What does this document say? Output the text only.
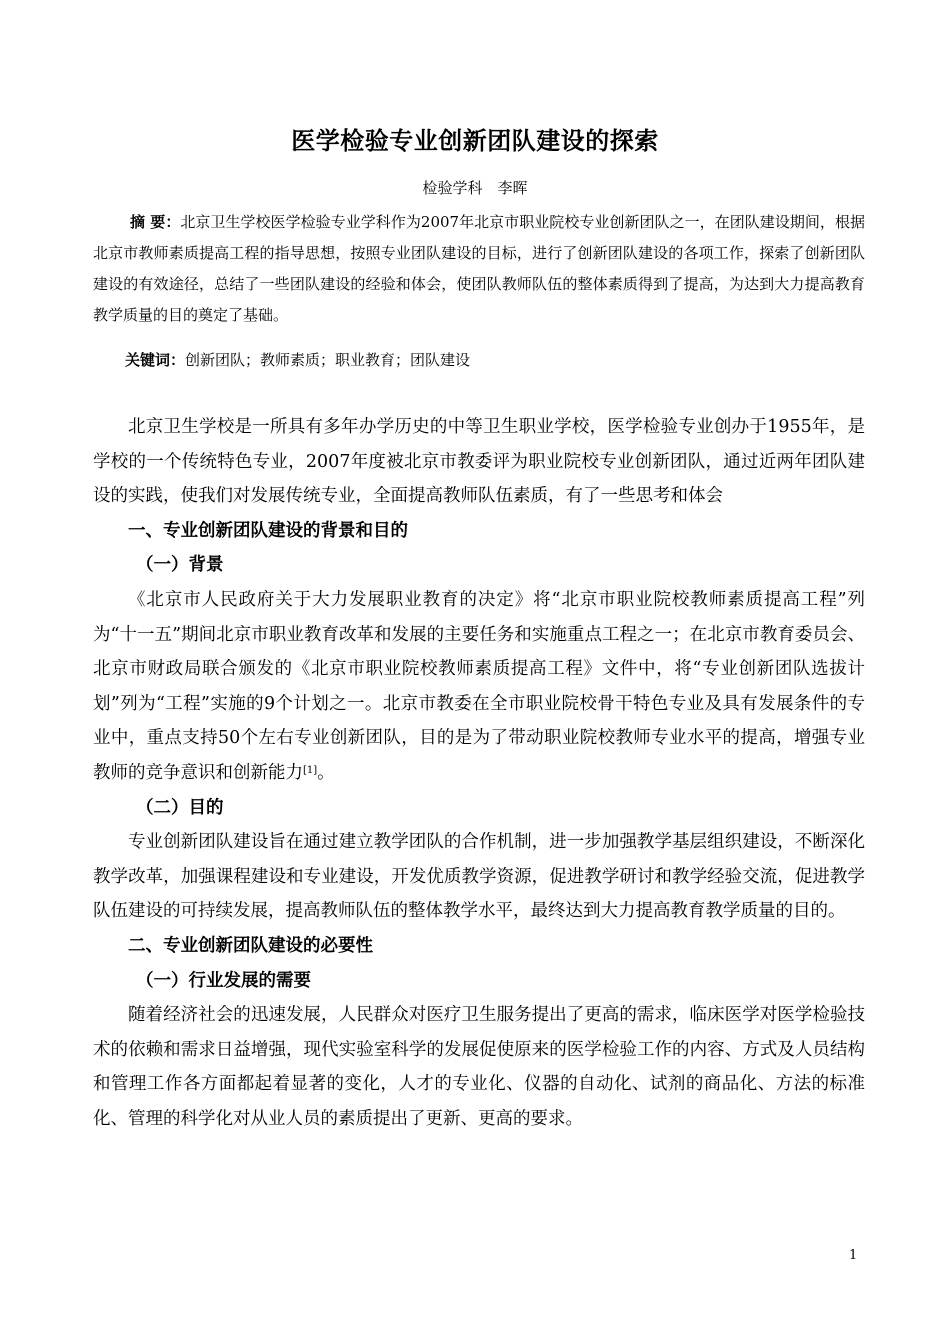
医学检验专业创新团队建设的探索
检验学科　李晖
摘 要：北京卫生学校医学检验专业学科作为2007年北京市职业院校专业创新团队之一，在团队建设期间，根据北京市教师素质提高工程的指导思想，按照专业团队建设的目标，进行了创新团队建设的各项工作，探索了创新团队建设的有效途径，总结了一些团队建设的经验和体会，使团队教师队伍的整体素质得到了提高，为达到大力提高教育教学质量的目的奠定了基础。
关键词：创新团队；教师素质；职业教育；团队建设

北京卫生学校是一所具有多年办学历史的中等卫生职业学校，医学检验专业创办于1955年，是学校的一个传统特色专业，2007年度被北京市教委评为职业院校专业创新团队，通过近两年团队建设的实践，使我们对发展传统专业，全面提高教师队伍素质，有了一些思考和体会

一、专业创新团队建设的背景和目的
（一）背景

《北京市人民政府关于大力发展职业教育的决定》将“北京市职业院校教师素质提高工程”列为“十一五”期间北京市职业教育改革和发展的主要任务和实施重点工程之一；在北京市教育委员会、北京市财政局联合颁发的《北京市职业院校教师素质提高工程》文件中，将“专业创新团队选拔计划”列为“工程”实施的9个计划之一。北京市教委在全市职业院校骨干特色专业及具有发展条件的专业中，重点支持50个左右专业创新团队，目的是为了带动职业院校教师专业水平的提高，增强专业教师的竞争意识和创新能力[1]。

（二）目的

专业创新团队建设旨在通过建立教学团队的合作机制，进一步加强教学基层组织建设，不断深化教学改革，加强课程建设和专业建设，开发优质教学资源，促进教学研讨和教学经验交流，促进教学队伍建设的可持续发展，提高教师队伍的整体教学水平，最终达到大力提高教育教学质量的目的。

二、专业创新团队建设的必要性
（一）行业发展的需要

随着经济社会的迅速发展，人民群众对医疗卫生服务提出了更高的需求，临床医学对医学检验技术的依赖和需求日益增强，现代实验室科学的发展促使原来的医学检验工作的内容、方式及人员结构和管理工作各方面都起着显著的变化，人才的专业化、仪器的自动化、试剂的商品化、方法的标准化、管理的科学化对从业人员的素质提出了更新、更高的要求。

1
